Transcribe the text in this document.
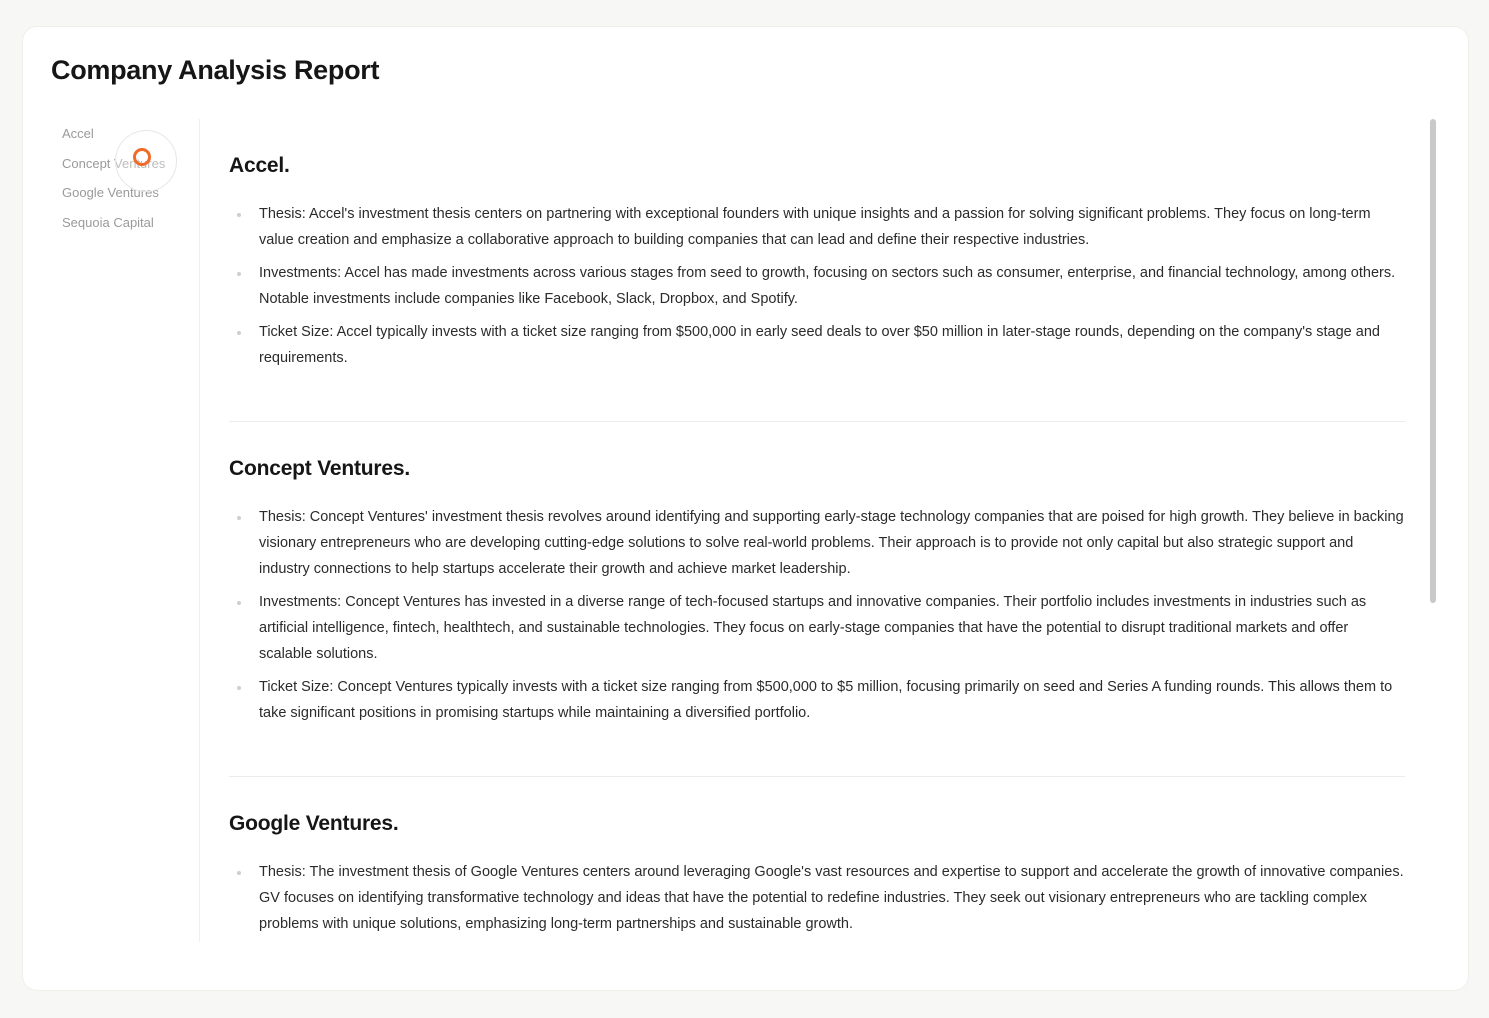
Company Analysis Report
Accel
Concept Ventures
Google Ventures
Sequoia Capital
Accel.
Thesis: Accel's investment thesis centers on partnering with exceptional founders with unique insights and a passion for solving significant problems. They focus on long-term value creation and emphasize a collaborative approach to building companies that can lead and define their respective industries.
Investments: Accel has made investments across various stages from seed to growth, focusing on sectors such as consumer, enterprise, and financial technology, among others. Notable investments include companies like Facebook, Slack, Dropbox, and Spotify.
Ticket Size: Accel typically invests with a ticket size ranging from $500,000 in early seed deals to over $50 million in later-stage rounds, depending on the company's stage and requirements.
Concept Ventures.
Thesis: Concept Ventures' investment thesis revolves around identifying and supporting early-stage technology companies that are poised for high growth. They believe in backing visionary entrepreneurs who are developing cutting-edge solutions to solve real-world problems. Their approach is to provide not only capital but also strategic support and industry connections to help startups accelerate their growth and achieve market leadership.
Investments: Concept Ventures has invested in a diverse range of tech-focused startups and innovative companies. Their portfolio includes investments in industries such as artificial intelligence, fintech, healthtech, and sustainable technologies. They focus on early-stage companies that have the potential to disrupt traditional markets and offer scalable solutions.
Ticket Size: Concept Ventures typically invests with a ticket size ranging from $500,000 to $5 million, focusing primarily on seed and Series A funding rounds. This allows them to take significant positions in promising startups while maintaining a diversified portfolio.
Google Ventures.
Thesis: The investment thesis of Google Ventures centers around leveraging Google's vast resources and expertise to support and accelerate the growth of innovative companies. GV focuses on identifying transformative technology and ideas that have the potential to redefine industries. They seek out visionary entrepreneurs who are tackling complex problems with unique solutions, emphasizing long-term partnerships and sustainable growth.
